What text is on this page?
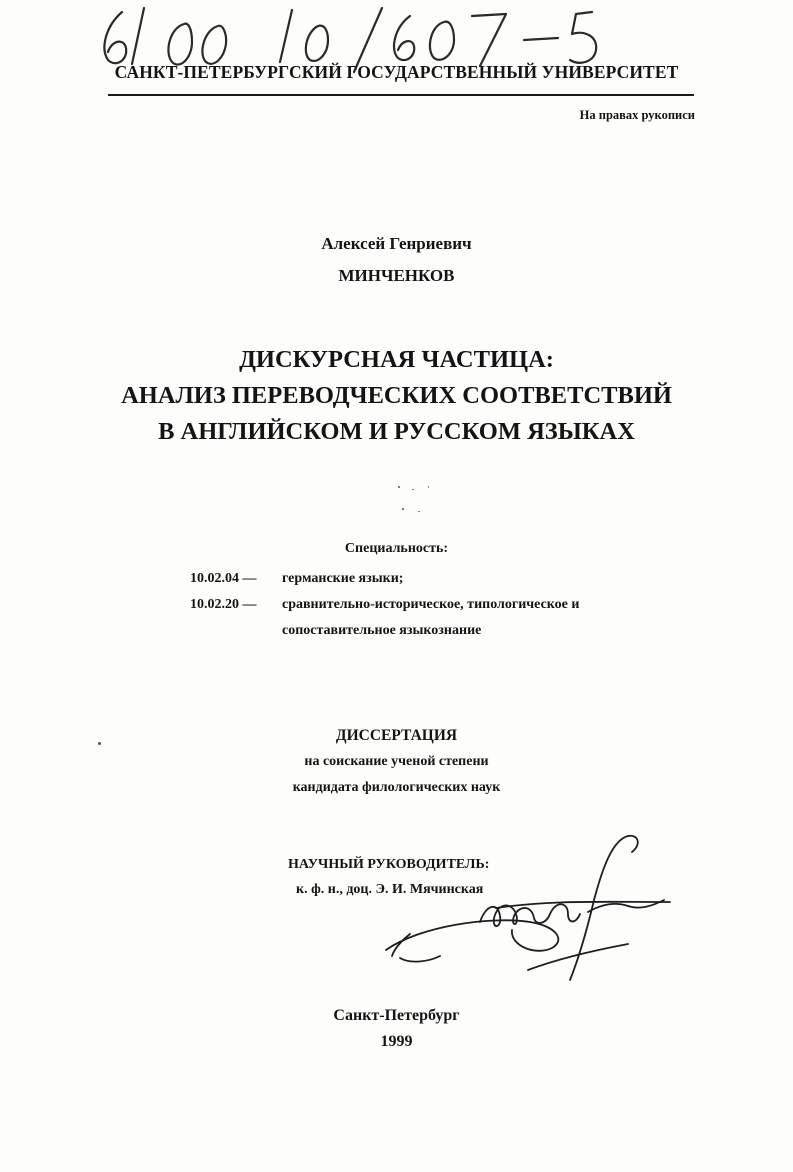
САНКТ-ПЕТЕРБУРГСКИЙ ГОСУДАРСТВЕННЫЙ УНИВЕРСИТЕТ
На правах рукописи
Алексей Генриевич
МИНЧЕНКОВ
ДИСКУРСНАЯ ЧАСТИЦА:
АНАЛИЗ ПЕРЕВОДЧЕСКИХ СООТВЕТСТВИЙ
В АНГЛИЙСКОМ И РУССКОМ ЯЗЫКАХ
Специальность:
10.02.04 —	германские языки;
10.02.20 —	сравнительно-историческое, типологическое и
сопоставительное языкознание
ДИССЕРТАЦИЯ
на соискание ученой степени
кандидата филологических наук
НАУЧНЫЙ РУКОВОДИТЕЛЬ:
к. ф. н., доц. Э. И. Мячинская
Санкт-Петербург
1999
